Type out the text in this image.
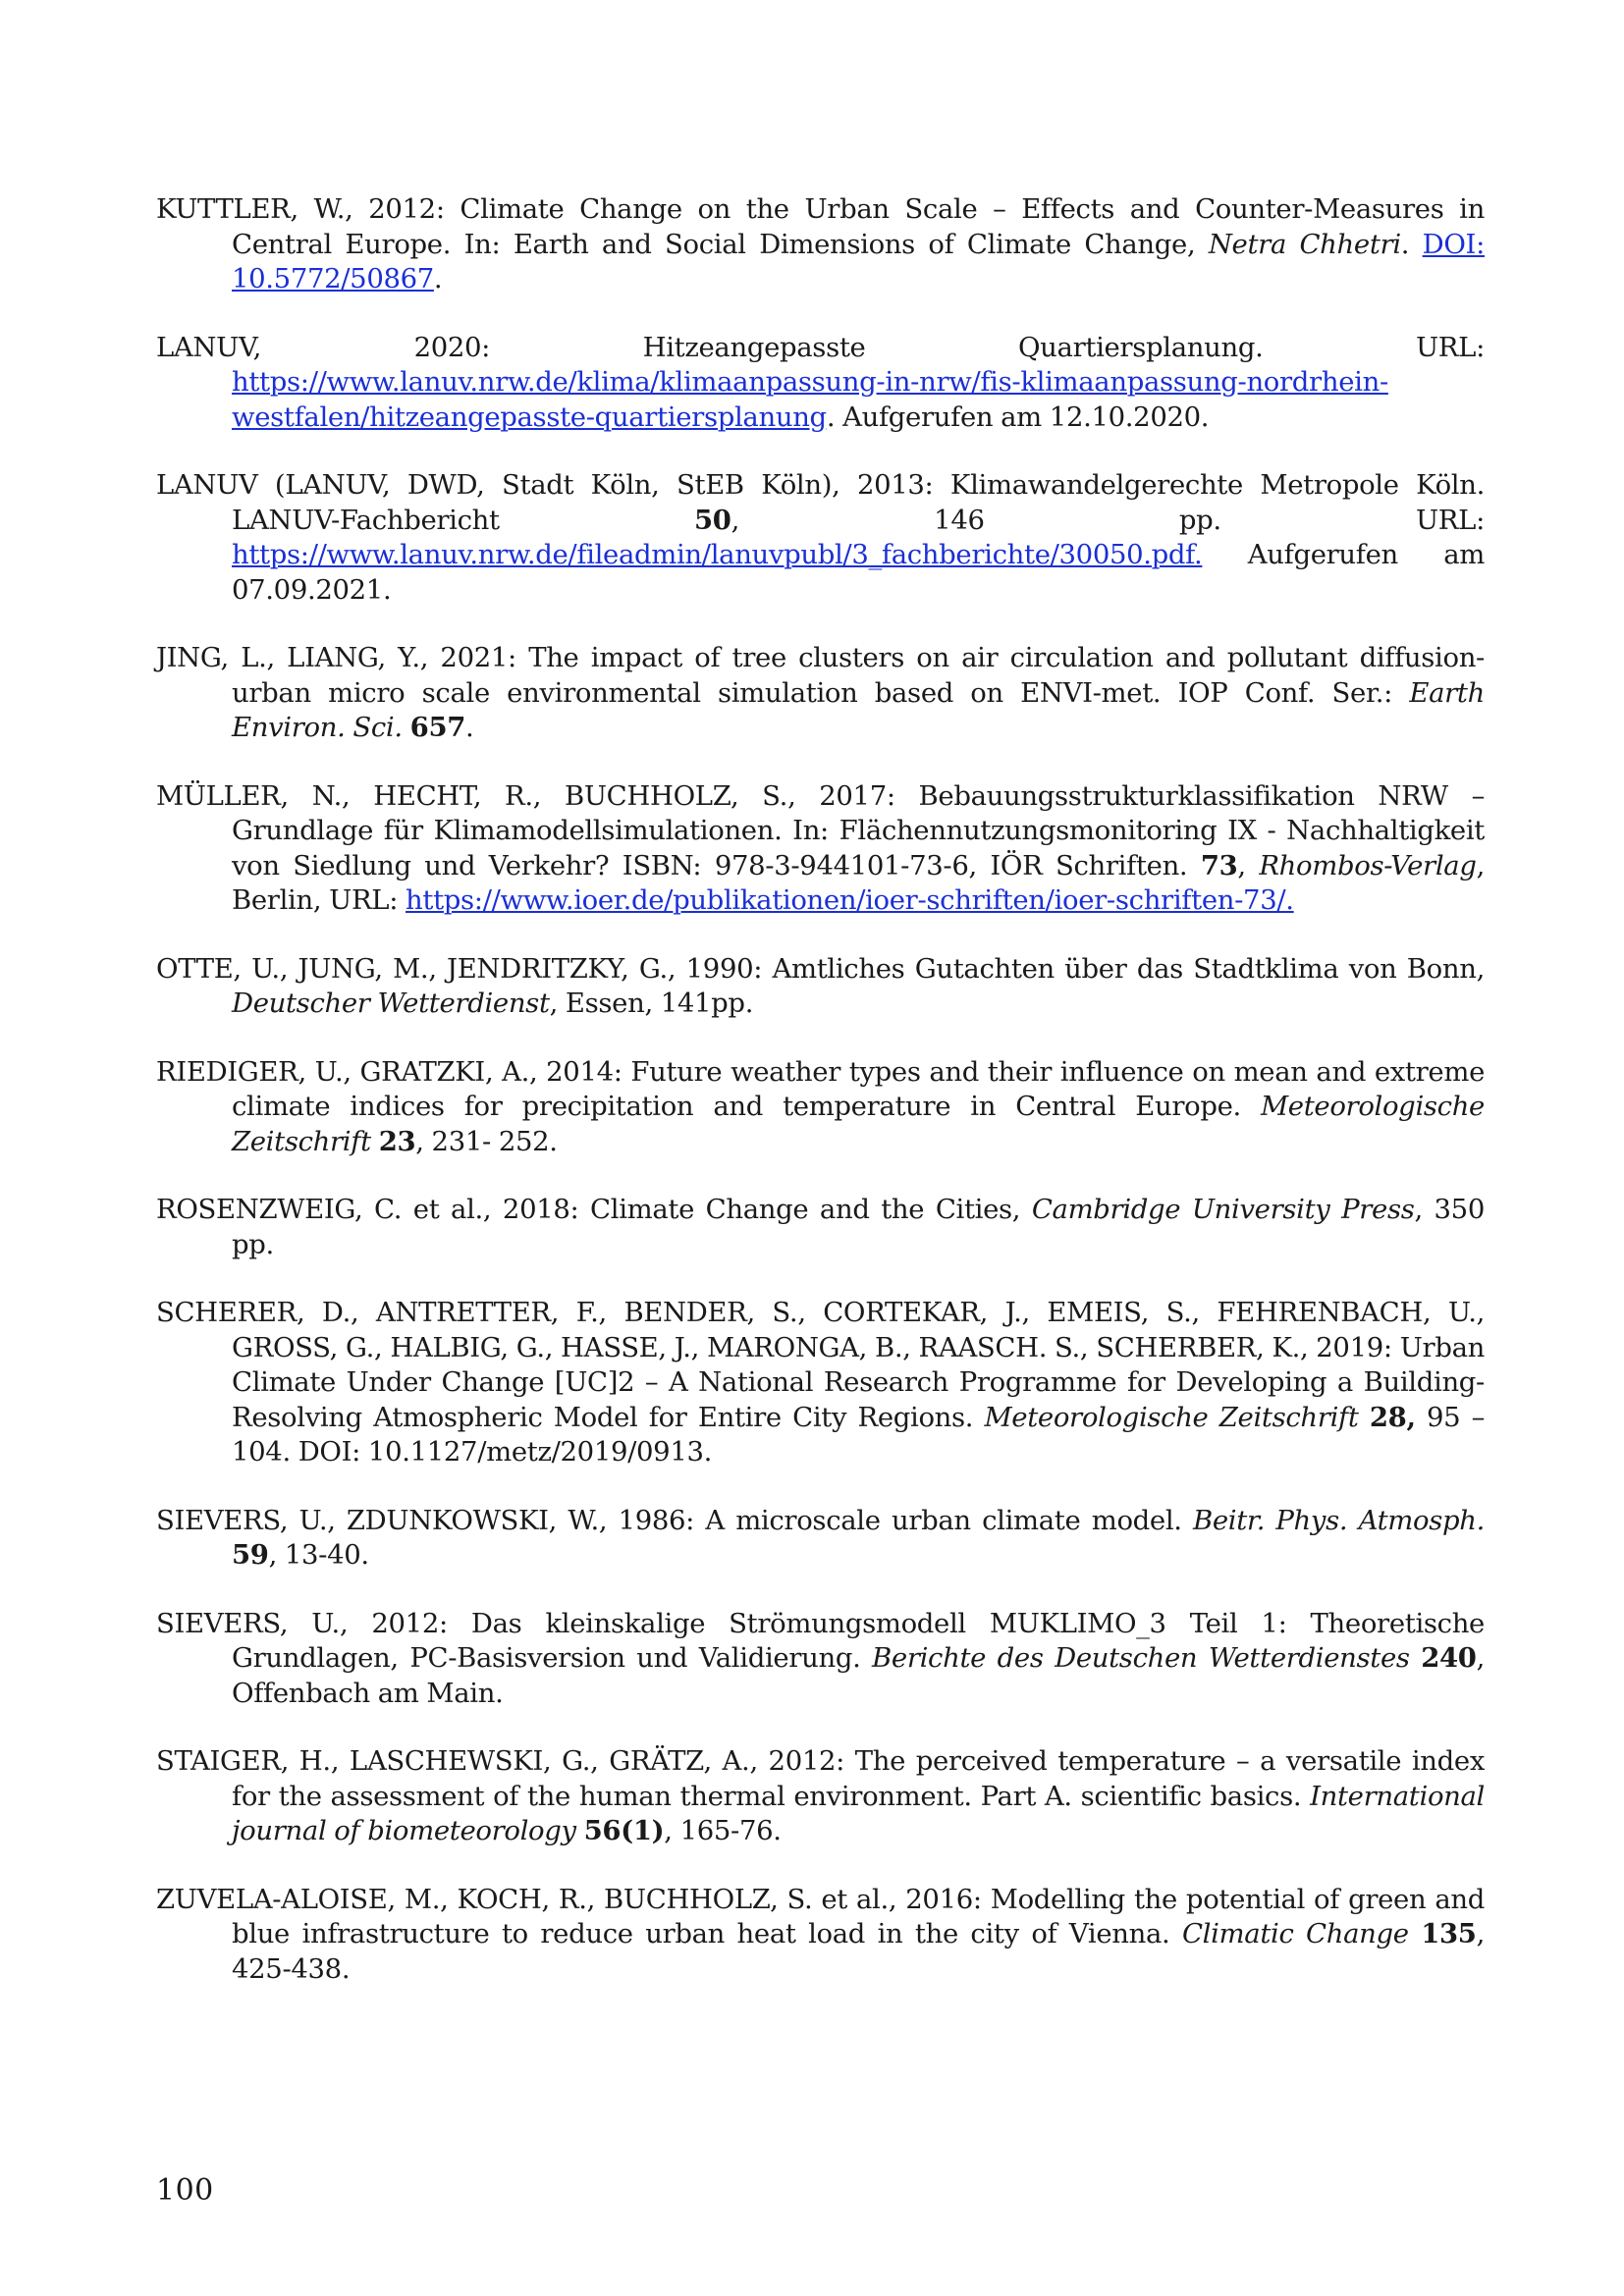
KUTTLER, W., 2012: Climate Change on the Urban Scale – Effects and Counter-Measures in Central Europe. In: Earth and Social Dimensions of Climate Change, Netra Chhetri. DOI: 10.5772/50867.
LANUV, 2020: Hitzeangepasste Quartiersplanung. URL: https://www.lanuv.nrw.de/klima/klimaanpassung-in-nrw/fis-klimaanpassung-nordrhein-westfalen/hitzeangepasste-quartiersplanung. Aufgerufen am 12.10.2020.
LANUV (LANUV, DWD, Stadt Köln, StEB Köln), 2013: Klimawandelgerechte Metropole Köln. LANUV-Fachbericht 50, 146 pp. URL: https://www.lanuv.nrw.de/fileadmin/lanuvpubl/3_fachberichte/30050.pdf. Aufgerufen am 07.09.2021.
JING, L., LIANG, Y., 2021: The impact of tree clusters on air circulation and pollutant diffusion-urban micro scale environmental simulation based on ENVI-met. IOP Conf. Ser.: Earth Environ. Sci. 657.
MÜLLER, N., HECHT, R., BUCHHOLZ, S., 2017: Bebauungsstrukturklassifikation NRW – Grundlage für Klimamodellsimulationen. In: Flächennutzungsmonitoring IX - Nachhaltigkeit von Siedlung und Verkehr? ISBN: 978-3-944101-73-6, IÖR Schriften. 73, Rhombos-Verlag, Berlin, URL: https://www.ioer.de/publikationen/ioer-schriften/ioer-schriften-73/.
OTTE, U., JUNG, M., JENDRITZKY, G., 1990: Amtliches Gutachten über das Stadtklima von Bonn, Deutscher Wetterdienst, Essen, 141pp.
RIEDIGER, U., GRATZKI, A., 2014: Future weather types and their influence on mean and extreme climate indices for precipitation and temperature in Central Europe. Meteorologische Zeitschrift 23, 231- 252.
ROSENZWEIG, C. et al., 2018: Climate Change and the Cities, Cambridge University Press, 350 pp.
SCHERER, D., ANTRETTER, F., BENDER, S., CORTEKAR, J., EMEIS, S., FEHRENBACH, U., GROSS, G., HALBIG, G., HASSE, J., MARONGA, B., RAASCH. S., SCHERBER, K., 2019: Urban Climate Under Change [UC]2 – A National Research Programme for Developing a Building-Resolving Atmospheric Model for Entire City Regions. Meteorologische Zeitschrift 28, 95 – 104. DOI: 10.1127/metz/2019/0913.
SIEVERS, U., ZDUNKOWSKI, W., 1986: A microscale urban climate model. Beitr. Phys. Atmosph. 59, 13-40.
SIEVERS, U., 2012: Das kleinskalige Strömungsmodell MUKLIMO_3 Teil 1: Theoretische Grundlagen, PC-Basisversion und Validierung. Berichte des Deutschen Wetterdienstes 240, Offenbach am Main.
STAIGER, H., LASCHEWSKI, G., GRÄTZ, A., 2012: The perceived temperature – a versatile index for the assessment of the human thermal environment. Part A. scientific basics. International journal of biometeorology 56(1), 165-76.
ZUVELA-ALOISE, M., KOCH, R., BUCHHOLZ, S. et al., 2016: Modelling the potential of green and blue infrastructure to reduce urban heat load in the city of Vienna. Climatic Change 135, 425-438.
100
